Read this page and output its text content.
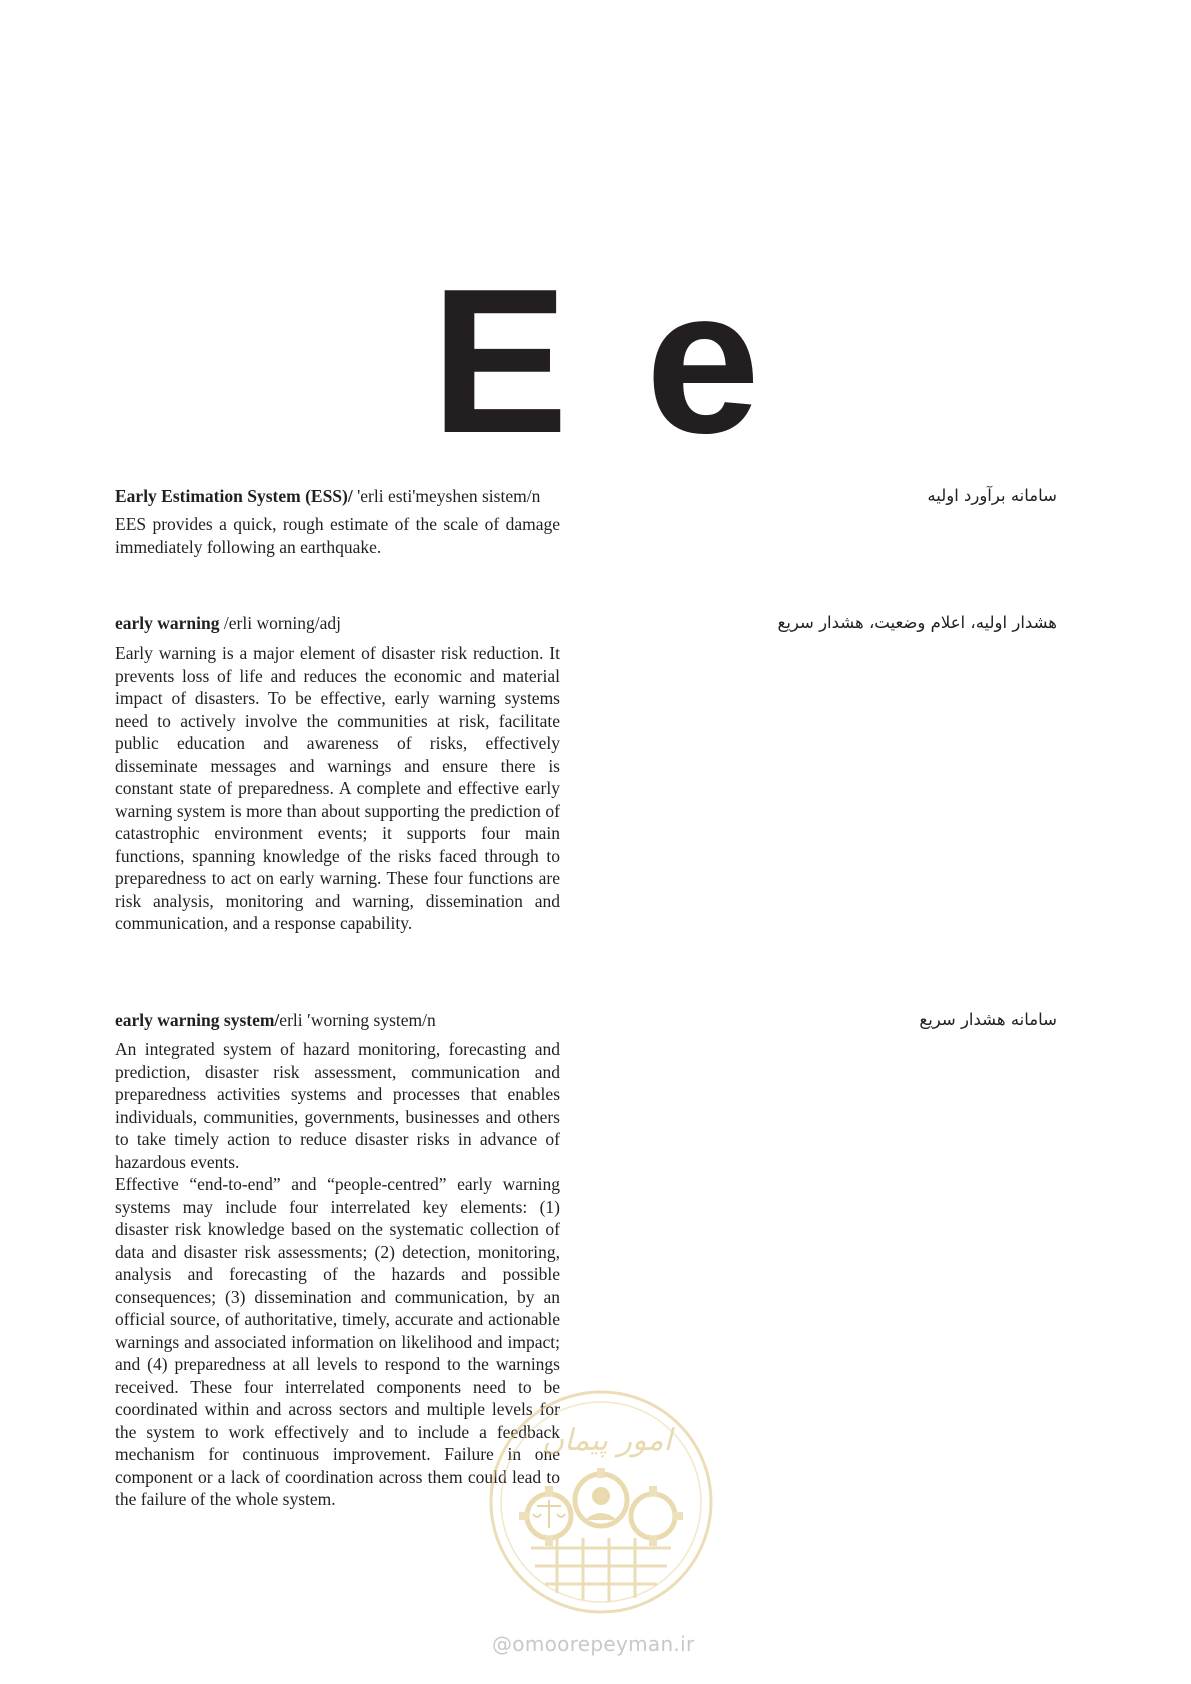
E e
Early Estimation System (ESS)/ 'erli esti'meyshen sistem/n

EES provides a quick, rough estimate of the scale of damage immediately following an earthquake.

سامانه برآورد اولیه
early warning /erli worning/adj

Early warning is a major element of disaster risk reduction. It prevents loss of life and reduces the economic and material impact of disasters. To be effective, early warning systems need to actively involve the communities at risk, facilitate public education and awareness of risks, effectively disseminate messages and warnings and ensure there is constant state of preparedness. A complete and effective early warning system is more than about supporting the prediction of catastrophic environment events; it supports four main functions, spanning knowledge of the risks faced through to preparedness to act on early warning. These four functions are risk analysis, monitoring and warning, dissemination and communication, and a response capability.

هشدار اولیه، اعلام وضعیت، هشدار سریع
early warning system/erli ′worning system/n

An integrated system of hazard monitoring, forecasting and prediction, disaster risk assessment, communication and preparedness activities systems and processes that enables individuals, communities, governments, businesses and others to take timely action to reduce disaster risks in advance of hazardous events.

Effective “end-to-end” and “people-centred” early warning systems may include four interrelated key elements: (1) disaster risk knowledge based on the systematic collection of data and disaster risk assessments; (2) detection, monitoring, analysis and forecasting of the hazards and possible consequences; (3) dissemination and communication, by an official source, of authoritative, timely, accurate and actionable warnings and associated information on likelihood and impact; and (4) preparedness at all levels to respond to the warnings received. These four interrelated components need to be coordinated within and across sectors and multiple levels for the system to work effectively and to include a feedback mechanism for continuous improvement. Failure in one component or a lack of coordination across them could lead to the failure of the whole system.

سامانه هشدار سریع
امور پیمان
@omoorepeyman.ir
